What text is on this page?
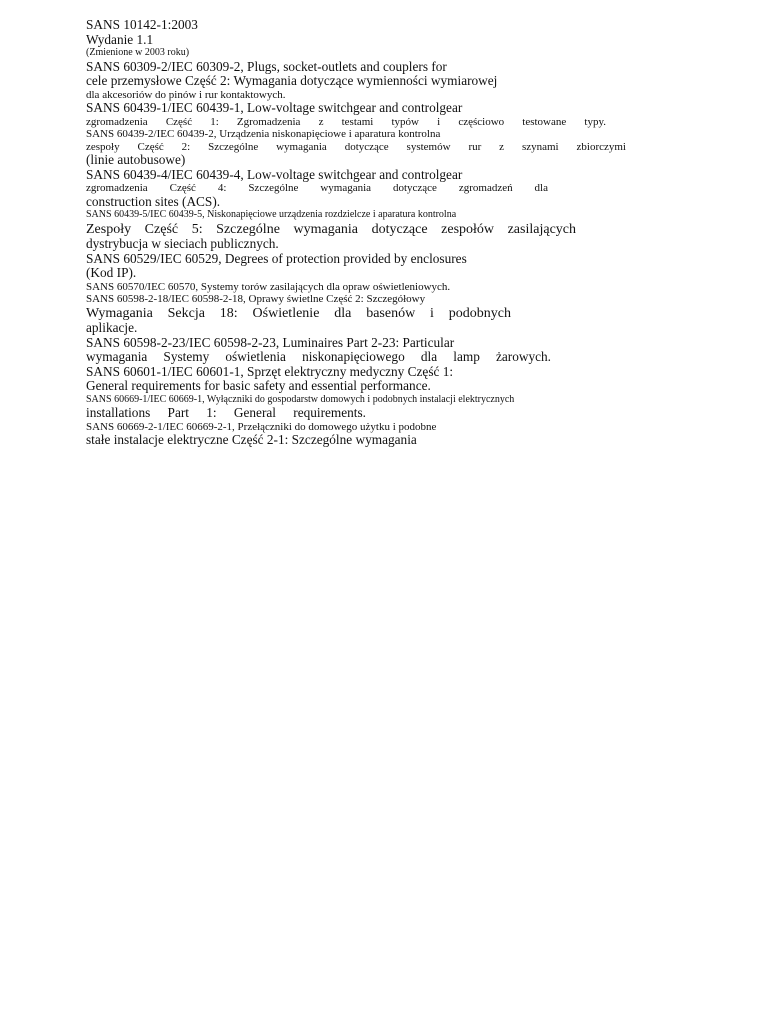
SANS 10142-1:2003
Wydanie 1.1
(Zmienione w 2003 roku)
SANS 60309-2/IEC 60309-2, Plugs, socket-outlets and couplers for
cele przemysłowe Część 2: Wymagania dotyczące wymienności wymiarowej
dla akcesoriów do pinów i rur kontaktowych.
SANS 60439-1/IEC 60439-1, Low-voltage switchgear and controlgear
zgromadzenia Część 1: Zgromadzenia z testami typów i częściowo testowane typy.
SANS 60439-2/IEC 60439-2, Urządzenia niskonapięciowe i aparatura kontrolna
zespoły Część 2: Szczególne wymagania dotyczące systemów rur z szynami zbiorczymi
(linie autobusowe)
SANS 60439-4/IEC 60439-4, Low-voltage switchgear and controlgear
zgromadzenia Część 4: Szczególne wymagania dotyczące zgromadzeń dla
construction sites (ACS).
SANS 60439-5/IEC 60439-5, Niskonapięciowe urządzenia rozdzielcze i aparatura kontrolna
Zespoły Część 5: Szczególne wymagania dotyczące zespołów zasilających
dystrybucja w sieciach publicznych.
SANS 60529/IEC 60529, Degrees of protection provided by enclosures
(Kod IP).
SANS 60570/IEC 60570, Systemy torów zasilających dla opraw oświetleniowych.
SANS 60598-2-18/IEC 60598-2-18, Oprawy świetlne Część 2: Szczegółowy
Wymagania Sekcja 18: Oświetlenie dla basenów i podobnych
aplikacje.
SANS 60598-2-23/IEC 60598-2-23, Luminaires Part 2-23: Particular
wymagania Systemy oświetlenia niskonapięciowego dla lamp żarowych.
SANS 60601-1/IEC 60601-1, Sprzęt elektryczny medyczny Część 1:
General requirements for basic safety and essential performance.
SANS 60669-1/IEC 60669-1, Wyłączniki do gospodarstw domowych i podobnych instalacji elektrycznych
installations Part 1: General requirements.
SANS 60669-2-1/IEC 60669-2-1, Przełączniki do domowego użytku i podobne
stałe instalacje elektryczne Część 2-1: Szczególne wymagania
